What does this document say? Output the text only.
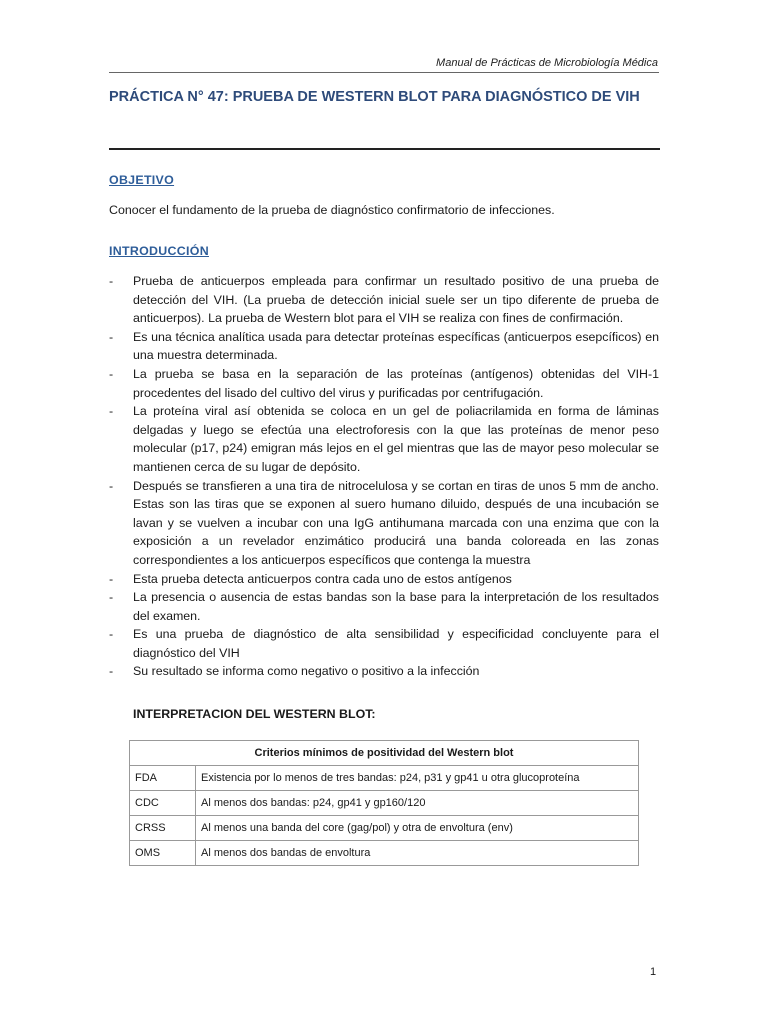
Manual de Prácticas de Microbiología Médica
PRÁCTICA N° 47: PRUEBA DE WESTERN BLOT PARA DIAGNÓSTICO DE VIH
OBJETIVO
Conocer el fundamento de la prueba de diagnóstico confirmatorio de infecciones.
INTRODUCCIÓN
- Prueba de anticuerpos empleada para confirmar un resultado positivo de una prueba de detección del VIH. (La prueba de detección inicial suele ser un tipo diferente de prueba de anticuerpos). La prueba de Western blot para el VIH se realiza con fines de confirmación.
- Es una técnica analítica usada para detectar proteínas específicas (anticuerpos esepcíficos) en una muestra determinada.
- La prueba se basa en la separación de las proteínas (antígenos) obtenidas del VIH-1 procedentes del lisado del cultivo del virus y purificadas por centrifugación.
- La proteína viral así obtenida se coloca en un gel de poliacrilamida en forma de láminas delgadas y luego se efectúa una electroforesis con la que las proteínas de menor peso molecular (p17, p24) emigran más lejos en el gel mientras que las de mayor peso molecular se mantienen cerca de su lugar de depósito.
- Después se transfieren a una tira de nitrocelulosa y se cortan en tiras de unos 5 mm de ancho. Estas son las tiras que se exponen al suero humano diluido, después de una incubación se lavan y se vuelven a incubar con una IgG antihumana marcada con una enzima que con la exposición a un revelador enzimático producirá una banda coloreada en las zonas correspondientes a los anticuerpos específicos que contenga la muestra
- Esta prueba detecta anticuerpos contra cada uno de estos antígenos
- La presencia o ausencia de estas bandas son la base para la interpretación de los resultados del examen.
- Es una prueba de diagnóstico de alta sensibilidad y especificidad concluyente para el diagnóstico del VIH
- Su resultado se informa como negativo o positivo a la infección
INTERPRETACION DEL WESTERN BLOT:
Criterios mínimos de positividad del Western blot	
FDA	Existencia por lo menos de tres bandas: p24, p31 y gp41 u otra glucoproteína
CDC	Al menos dos bandas: p24, gp41 y gp160/120
CRSS	Al menos una banda del core (gag/pol) y otra de envoltura (env)
OMS	Al menos dos bandas de envoltura
1
